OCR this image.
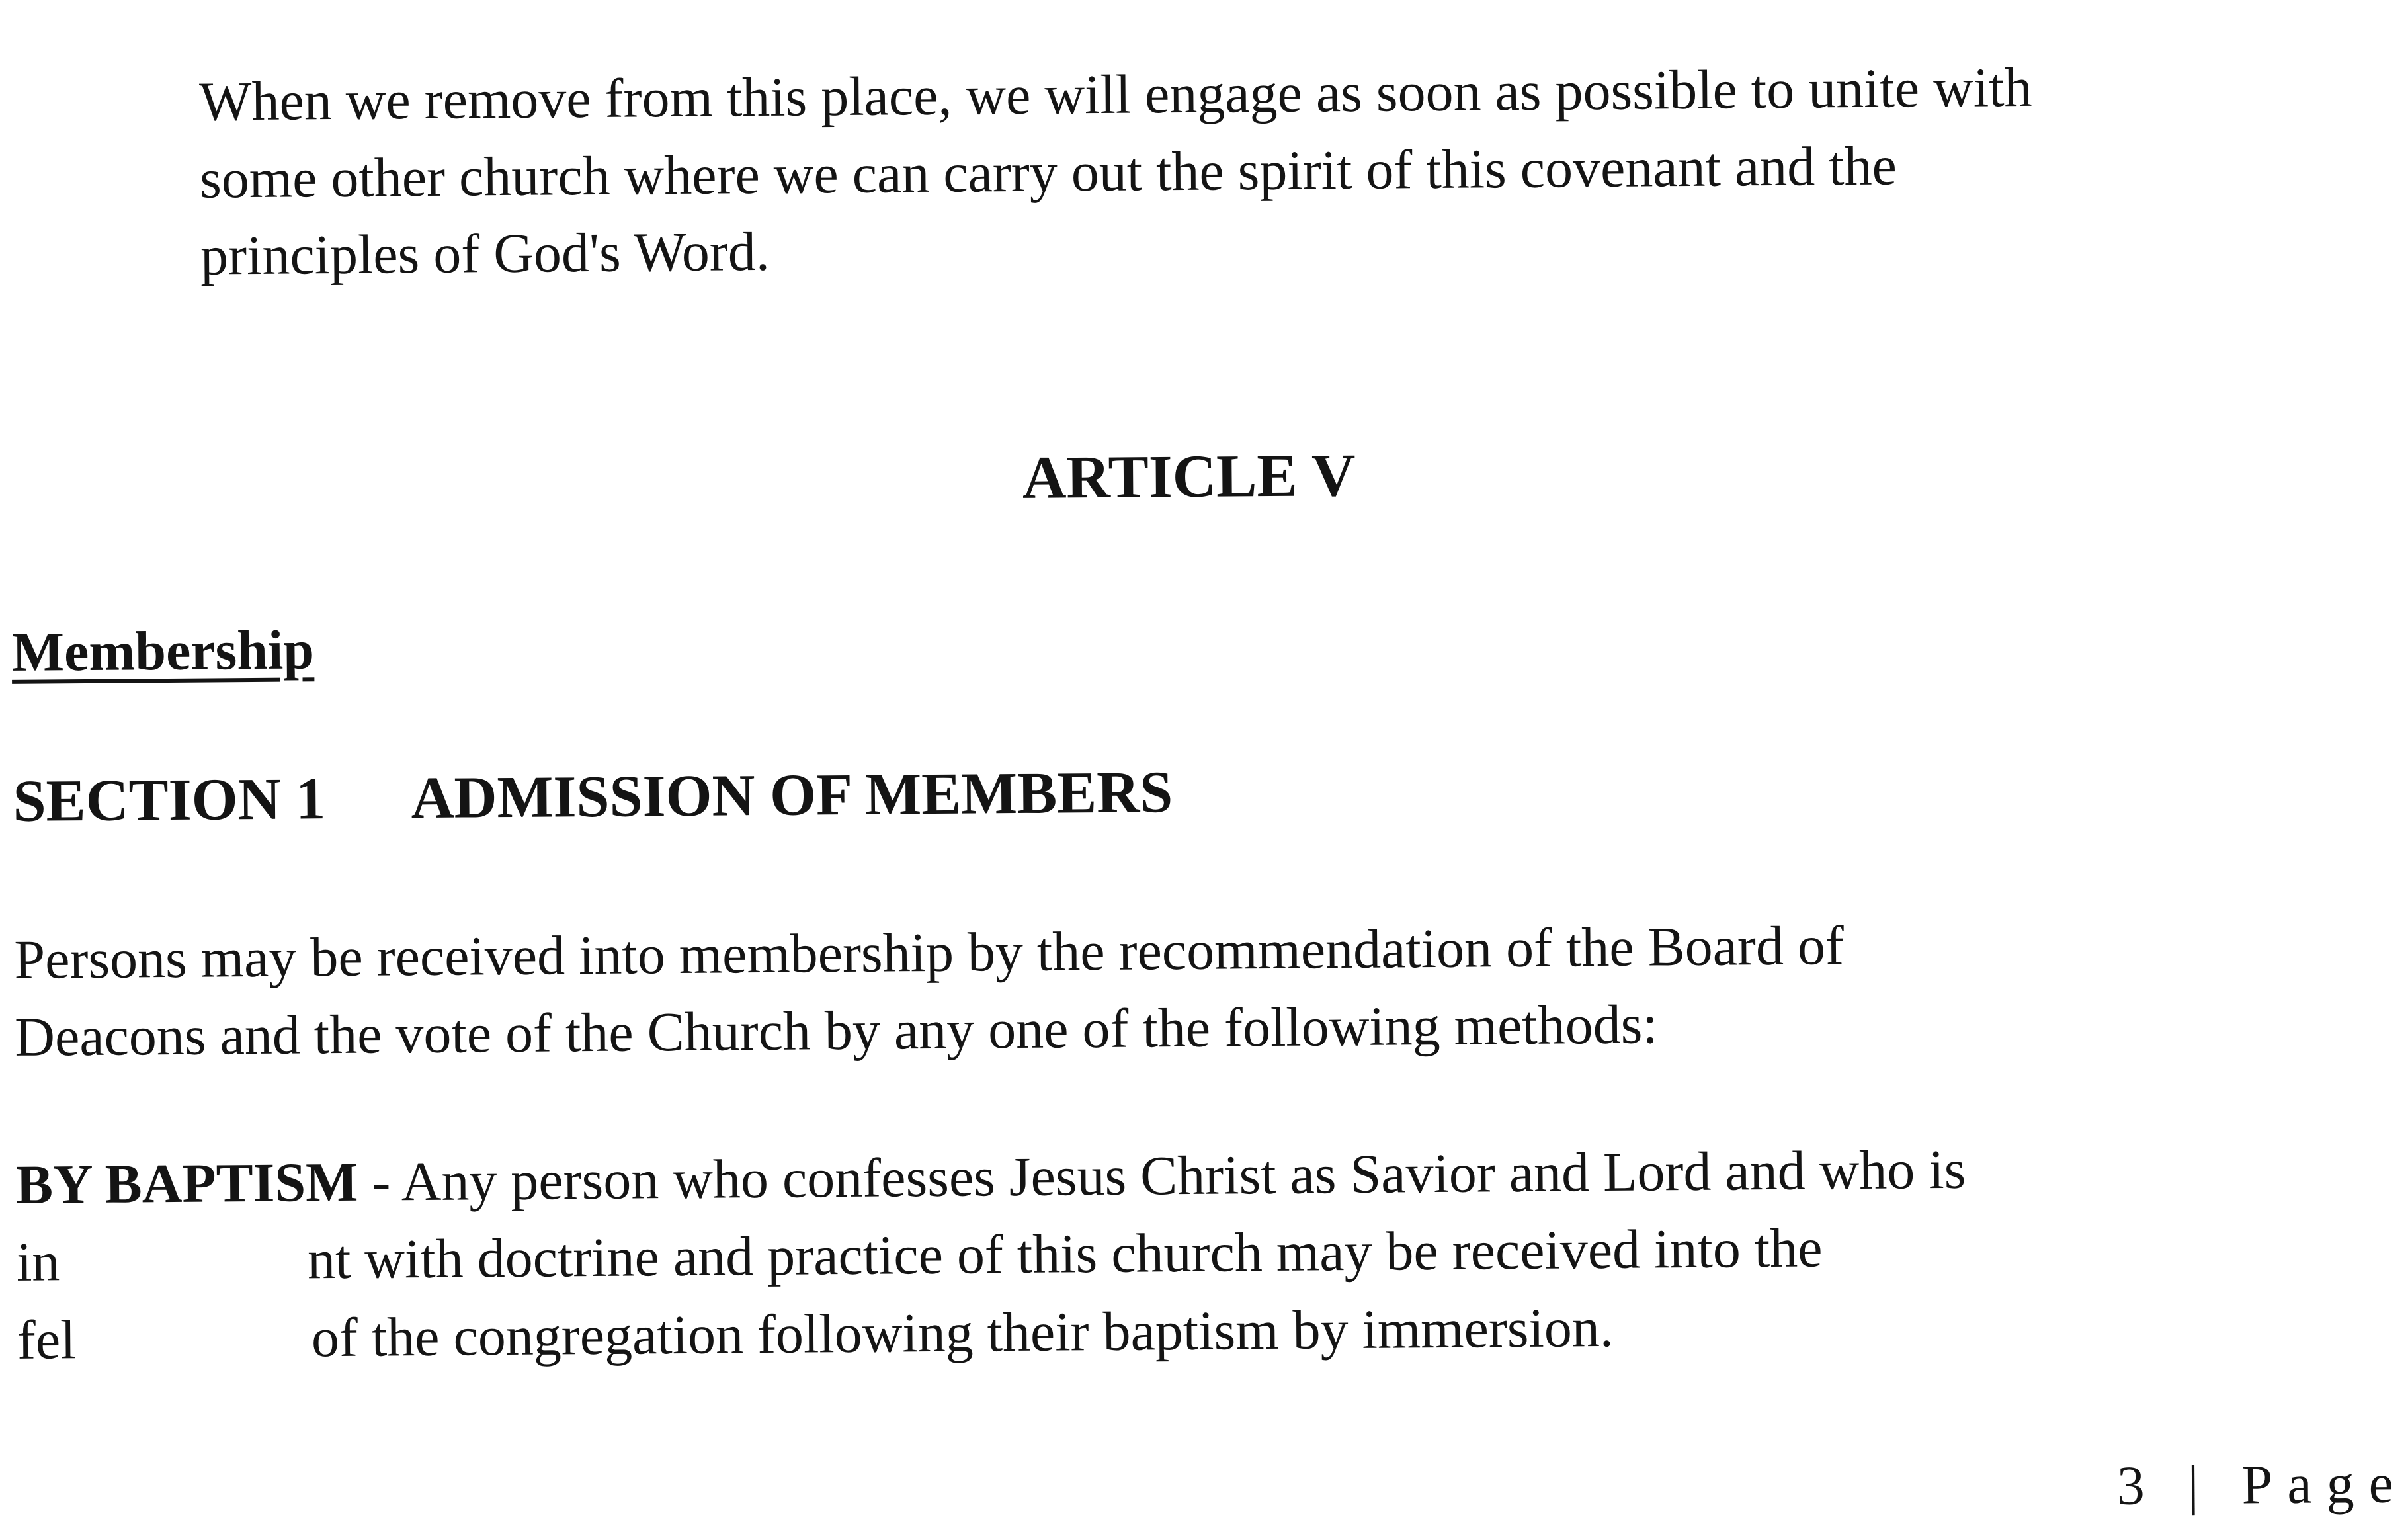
When we remove from this place, we will engage as soon as possible to unite with
some other church where we can carry out the spirit of this covenant and the
principles of God's Word.
ARTICLE V
Membership
SECTION 1 ADMISSION OF MEMBERS
Persons may be received into membership by the recommendation of the Board of
Deacons and the vote of the Church by any one of the following methods:
BY BAPTISM - Any person who confesses Jesus Christ as Savior and Lord and who is
in	nt with doctrine and practice of this church may be received into the
fel	of the congregation following their baptism by immersion.
3 | Page
